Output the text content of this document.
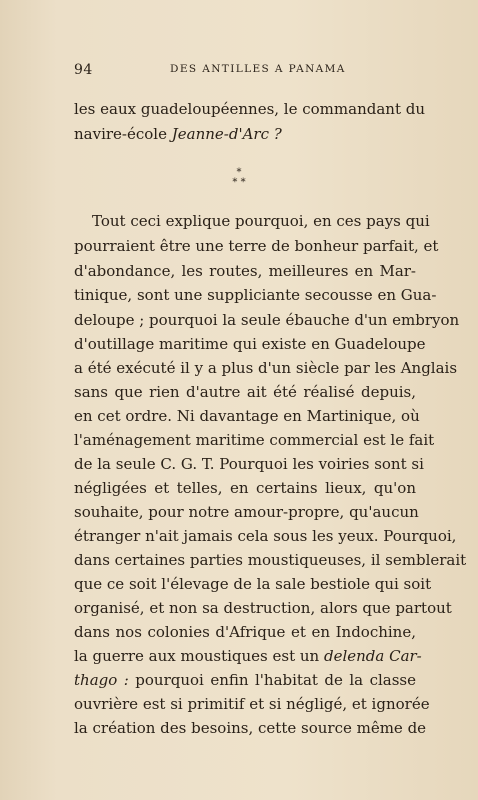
94	DES ANTILLES A PANAMA
les eaux guadeloupéennes, le commandant du
navire-école Jeanne-d'Arc ?
*
* *
Tout ceci explique pourquoi, en ces pays qui
pourraient être une terre de bonheur parfait, et
d'abondance, les routes, meilleures en Mar-
tinique, sont une suppliciante secousse en Gua-
deloupe ; pourquoi la seule ébauche d'un embryon
d'outillage maritime qui existe en Guadeloupe
a été exécuté il y a plus d'un siècle par les Anglais
sans que rien d'autre ait été réalisé depuis,
en cet ordre. Ni davantage en Martinique, où
l'aménagement maritime commercial est le fait
de la seule C. G. T. Pourquoi les voiries sont si
négligées et telles, en certains lieux, qu'on
souhaite, pour notre amour-propre, qu'aucun
étranger n'ait jamais cela sous les yeux. Pourquoi,
dans certaines parties moustiqueuses, il semblerait
que ce soit l'élevage de la sale bestiole qui soit
organisé, et non sa destruction, alors que partout
dans nos colonies d'Afrique et en Indochine,
la guerre aux moustiques est un delenda Car-
thago : pourquoi enfin l'habitat de la classe
ouvrière est si primitif et si négligé, et ignorée
la création des besoins, cette source même de
